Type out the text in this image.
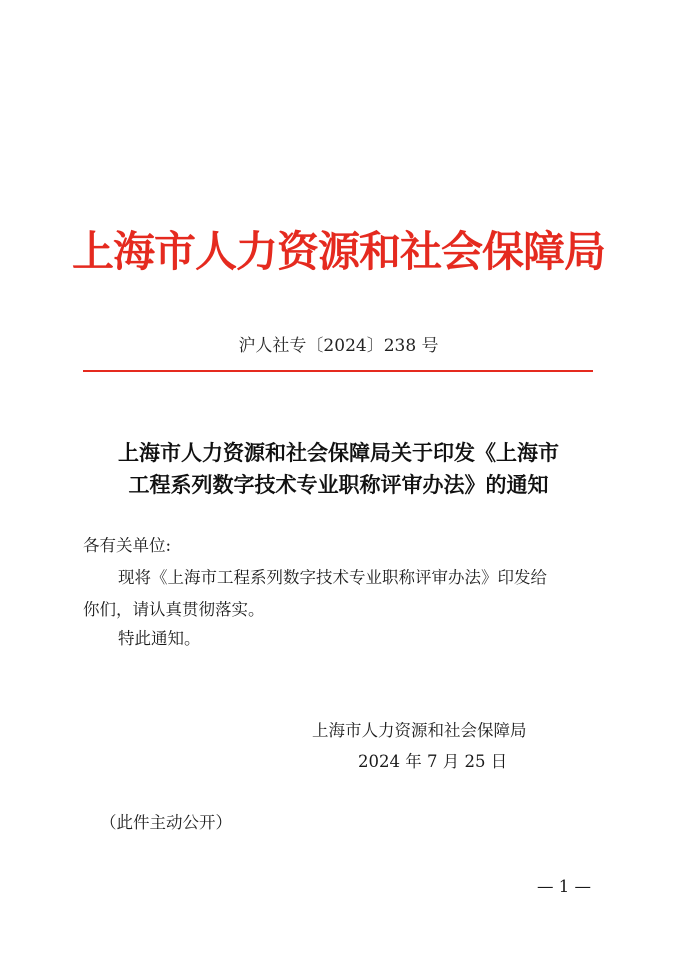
上海市人力资源和社会保障局
沪人社专〔2024〕238 号
上海市人力资源和社会保障局关于印发《上海市
工程系列数字技术专业职称评审办法》的通知
各有关单位:
现将《上海市工程系列数字技术专业职称评审办法》印发给
你们，请认真贯彻落实。
特此通知。
上海市人力资源和社会保障局
2024 年 7 月 25 日
（此件主动公开）
— 1 —
